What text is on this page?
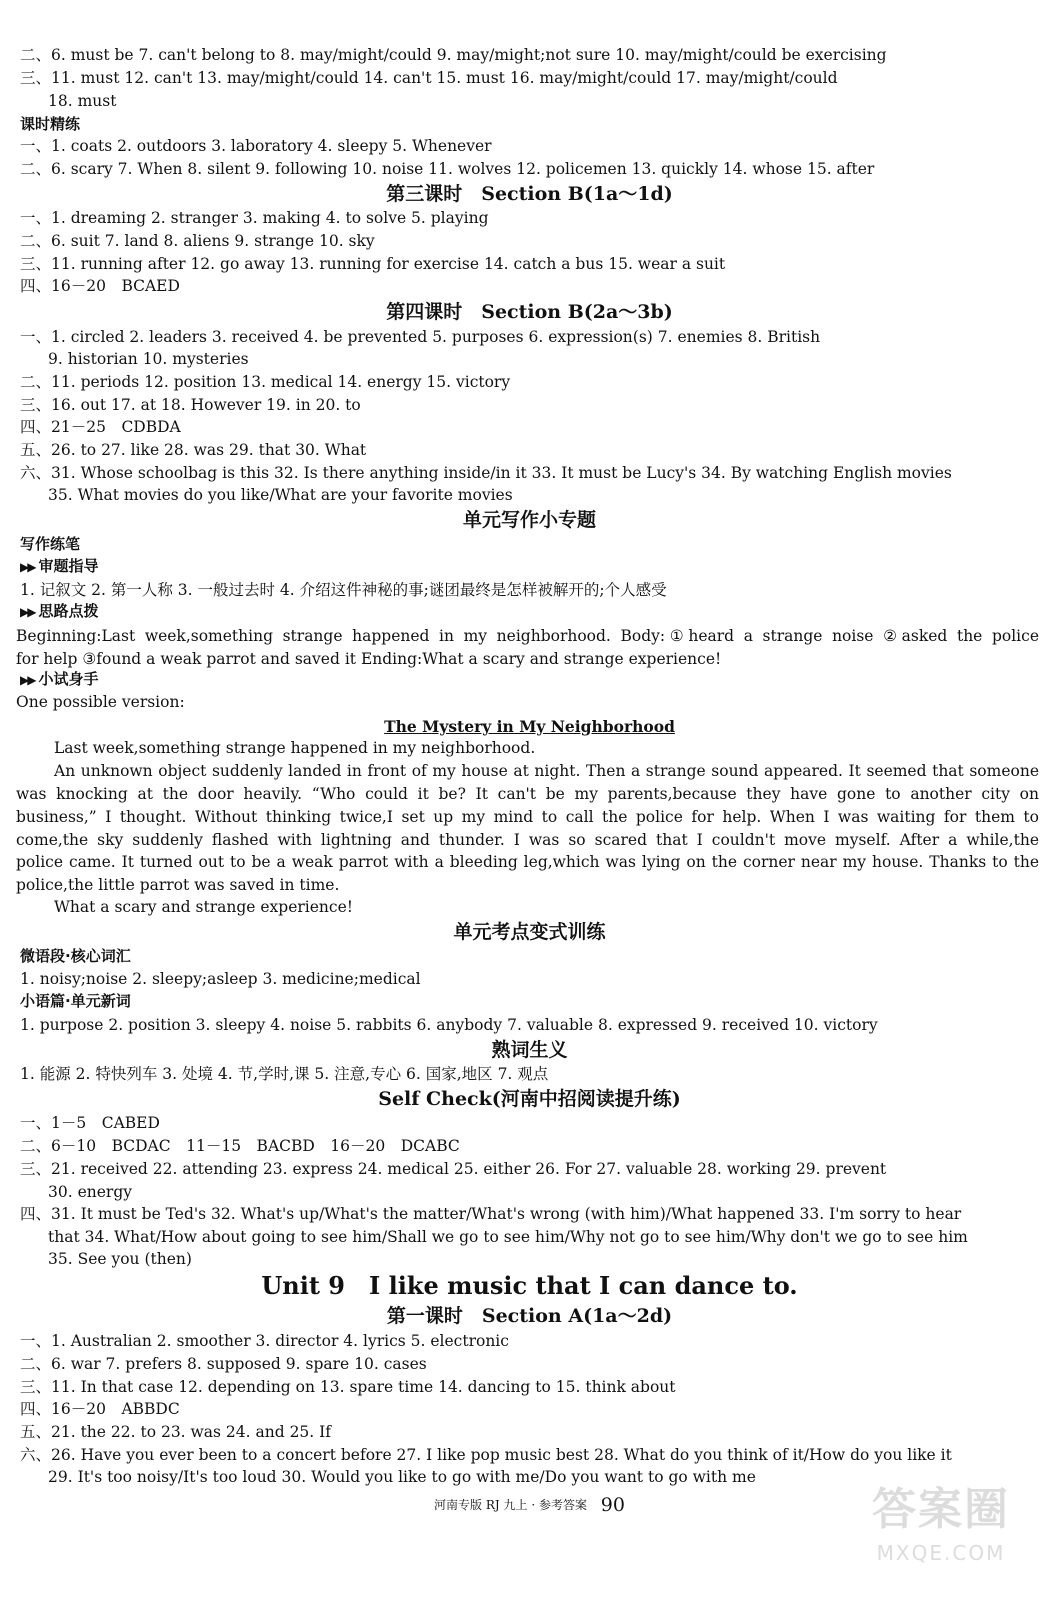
二、6. must be 7. can't belong to 8. may/might/could 9. may/might;not sure 10. may/might/could be exercising
三、11. must 12. can't 13. may/might/could 14. can't 15. must 16. may/might/could 17. may/might/could
18. must
课时精练
一、1. coats 2. outdoors 3. laboratory 4. sleepy 5. Whenever
二、6. scary 7. When 8. silent 9. following 10. noise 11. wolves 12. policemen 13. quickly 14. whose 15. after
第三课时　Section B(1a～1d)
一、1. dreaming 2. stranger 3. making 4. to solve 5. playing
二、6. suit 7. land 8. aliens 9. strange 10. sky
三、11. running after 12. go away 13. running for exercise 14. catch a bus 15. wear a suit
四、16－20　BCAED
第四课时　Section B(2a～3b)
一、1. circled 2. leaders 3. received 4. be prevented 5. purposes 6. expression(s) 7. enemies 8. British
9. historian 10. mysteries
二、11. periods 12. position 13. medical 14. energy 15. victory
三、16. out 17. at 18. However 19. in 20. to
四、21－25　CDBDA
五、26. to 27. like 28. was 29. that 30. What
六、31. Whose schoolbag is this 32. Is there anything inside/in it 33. It must be Lucy's 34. By watching English movies
35. What movies do you like/What are your favorite movies
单元写作小专题
写作练笔
▶▶ 审题指导
1. 记叙文 2. 第一人称 3. 一般过去时 4. 介绍这件神秘的事;谜团最终是怎样被解开的;个人感受
▶▶ 思路点拨
Beginning:Last week,something strange happened in my neighborhood. Body:①heard a strange noise ②asked the police
for help ③found a weak parrot and saved it Ending:What a scary and strange experience!
▶▶ 小试身手
One possible version:
The Mystery in My Neighborhood
Last week,something strange happened in my neighborhood.
An unknown object suddenly landed in front of my house at night. Then a strange sound appeared. It seemed that someone
was knocking at the door heavily. “Who could it be? It can't be my parents,because they have gone to another city on
business,” I thought. Without thinking twice,I set up my mind to call the police for help. When I was waiting for them to
come,the sky suddenly flashed with lightning and thunder. I was so scared that I couldn't move myself. After a while,the
police came. It turned out to be a weak parrot with a bleeding leg,which was lying on the corner near my house. Thanks to the
police,the little parrot was saved in time.
What a scary and strange experience!
单元考点变式训练
微语段·核心词汇
1. noisy;noise 2. sleepy;asleep 3. medicine;medical
小语篇·单元新词
1. purpose 2. position 3. sleepy 4. noise 5. rabbits 6. anybody 7. valuable 8. expressed 9. received 10. victory
熟词生义
1. 能源 2. 特快列车 3. 处境 4. 节,学时,课 5. 注意,专心 6. 国家,地区 7. 观点
Self Check(河南中招阅读提升练)
一、1－5　CABED
二、6－10　BCDAC　11－15　BACBD　16－20　DCABC
三、21. received 22. attending 23. express 24. medical 25. either 26. For 27. valuable 28. working 29. prevent
30. energy
四、31. It must be Ted's 32. What's up/What's the matter/What's wrong (with him)/What happened 33. I'm sorry to hear
that 34. What/How about going to see him/Shall we go to see him/Why not go to see him/Why don't we go to see him
35. See you (then)
Unit 9　I like music that I can dance to.
第一课时　Section A(1a～2d)
一、1. Australian 2. smoother 3. director 4. lyrics 5. electronic
二、6. war 7. prefers 8. supposed 9. spare 10. cases
三、11. In that case 12. depending on 13. spare time 14. dancing to 15. think about
四、16－20　ABBDC
五、21. the 22. to 23. was 24. and 25. If
六、26. Have you ever been to a concert before 27. I like pop music best 28. What do you think of it/How do you like it
29. It's too noisy/It's too loud 30. Would you like to go with me/Do you want to go with me
河南专版 RJ 九上 · 参考答案 90	答案圈
MXQE.COM
